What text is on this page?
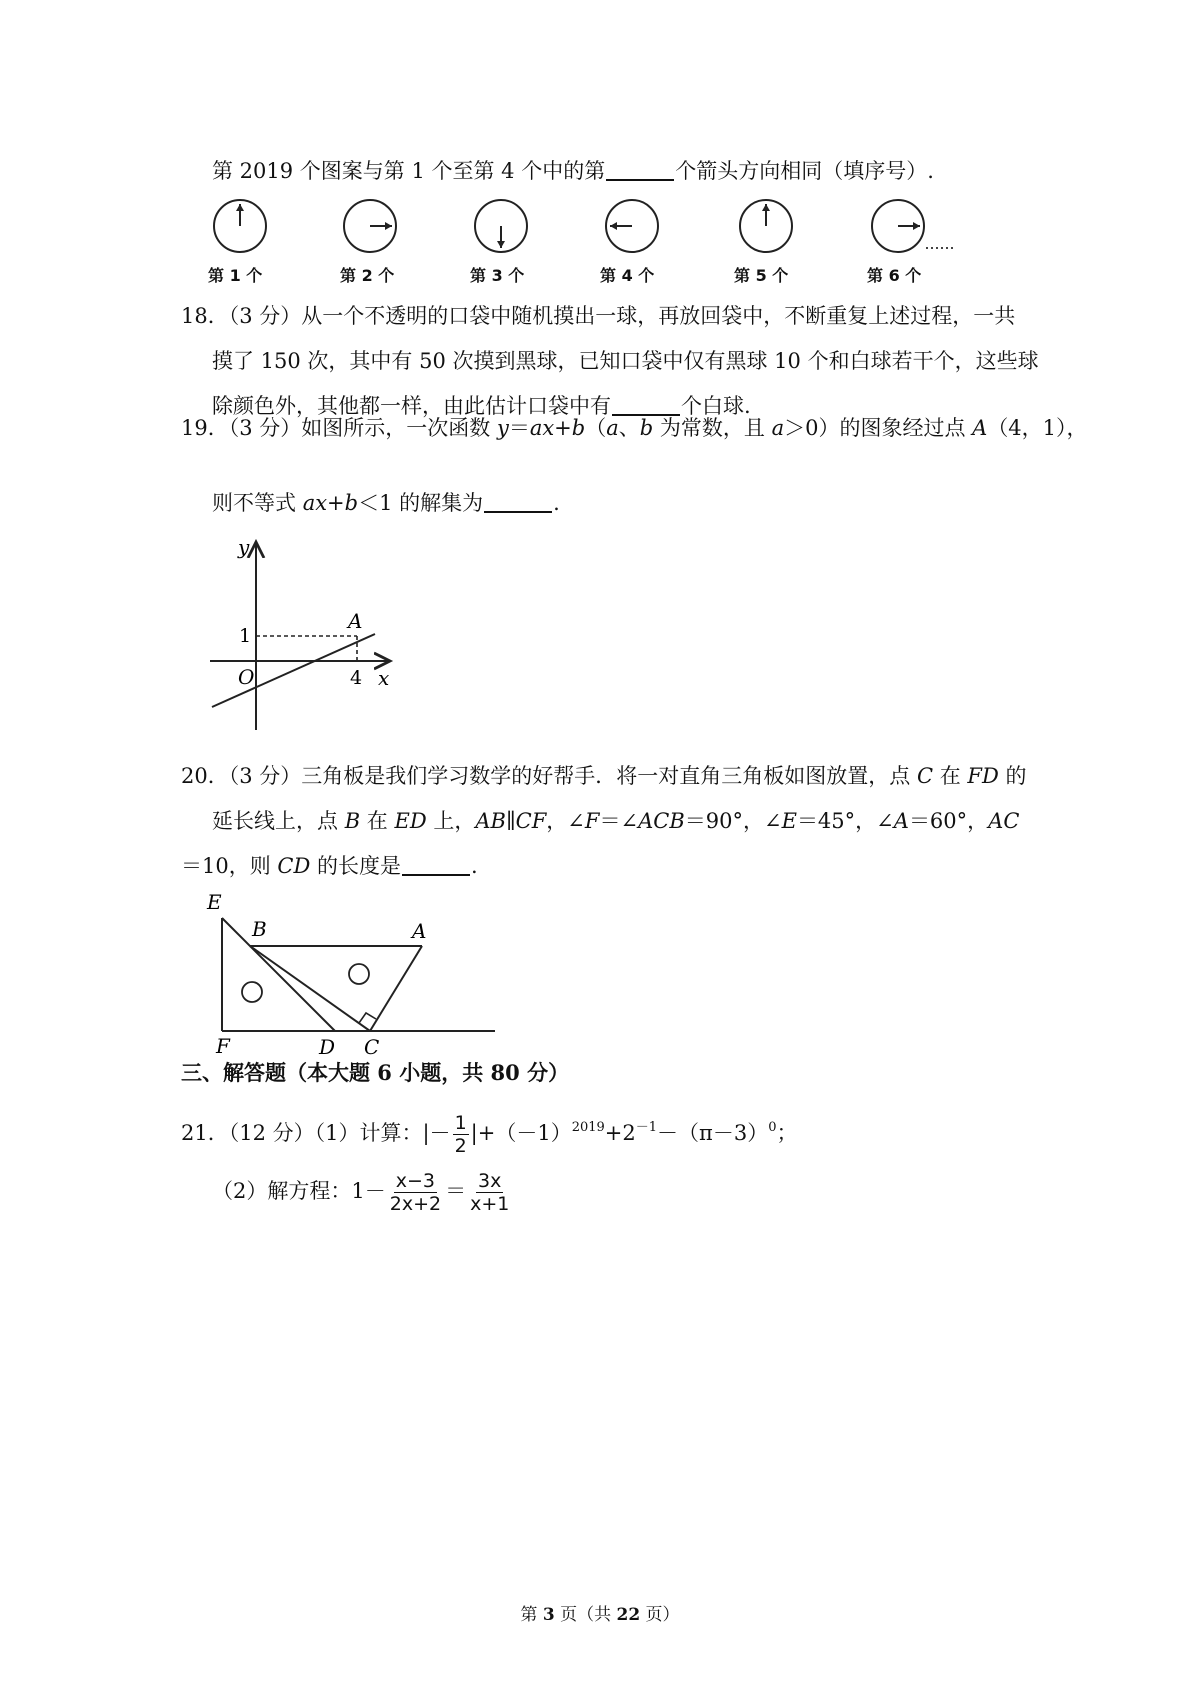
第 2019 个图案与第 1 个至第 4 个中的第	个箭头方向相同（填序号）.
第 1 个	第 2 个	第 3 个	第 4 个	第 5 个	第 6 个
18．（3 分）从一个不透明的口袋中随机摸出一球，再放回袋中，不断重复上述过程，一共
摸了 150 次，其中有 50 次摸到黑球，已知口袋中仅有黑球 10 个和白球若干个，这些球
除颜色外，其他都一样，由此估计口袋中有	个白球.
19．（3 分）如图所示，一次函数 y＝ax+b（a、b 为常数，且 a＞0）的图象经过点 A（4，1），
则不等式 ax+b＜1 的解集为	.
y
x
O
1
4
A
20．（3 分）三角板是我们学习数学的好帮手．将一对直角三角板如图放置，点 C 在 FD 的
延长线上，点 B 在 ED 上，AB∥CF，∠F＝∠ACB＝90°，∠E＝45°，∠A＝60°，AC
＝10，则 CD 的长度是	.
E
B	A
F	D C
三、解答题（本大题 6 小题，共 80 分）
21．（12 分）（1）计算：|－ $\frac{1}{2} |+(-1)^{2019}+2^{-1}-(\pi-3)^0$；
（2）解方程：$1- \frac{x-3}{2x+2} = \frac{3x}{x+1}$
第 3 页（共 22 页）
